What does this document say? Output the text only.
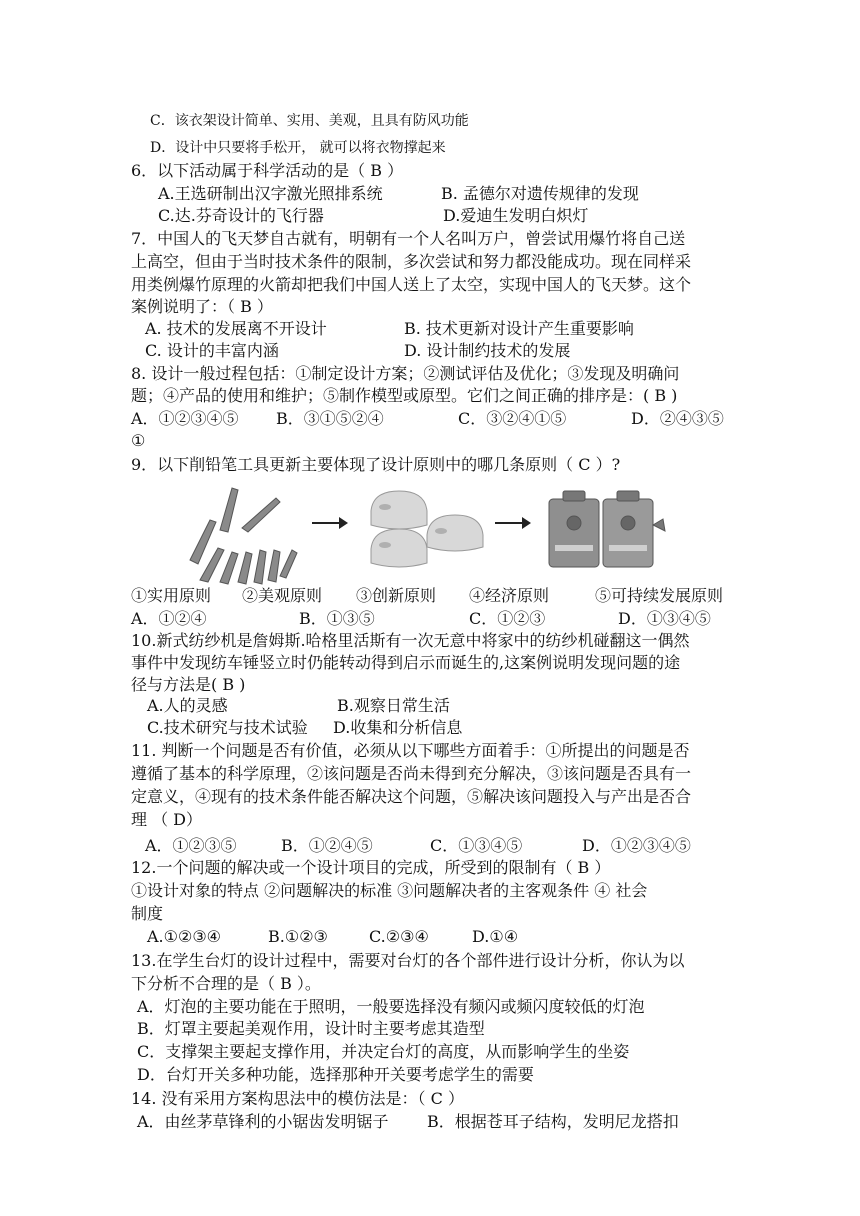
C．该衣架设计简单、实用、美观，且具有防风功能
D．设计中只要将手松开， 就可以将衣物撑起来
6．以下活动属于科学活动的是（ B ）
A.王选研制出汉字激光照排系统	B. 孟德尔对遗传规律的发现
C.达.芬奇设计的飞行器	D.爱迪生发明白炽灯
7．中国人的飞天梦自古就有，明朝有一个人名叫万户，曾尝试用爆竹将自己送
上高空，但由于当时技术条件的限制，多次尝试和努力都没能成功。现在同样采
用类例爆竹原理的火箭却把我们中国人送上了太空，实现中国人的飞天梦。这个
案例说明了：（ B ）
A. 技术的发展离不开设计	B. 技术更新对设计产生重要影响
C. 设计的丰富内涵	D. 设计制约技术的发展
8. 设计一般过程包括：①制定设计方案；②测试评估及优化；③发现及明确问
题；④产品的使用和维护；⑤制作模型或原型。它们之间正确的排序是：( B )
A．①②③④⑤ B．③①⑤②④	C．③②④①⑤	D．②④③⑤
①
9．以下削铅笔工具更新主要体现了设计原则中的哪几条原则（ C ）?
①实用原则 ②美观原则 ③创新原则 ④经济原则	⑤可持续发展原则
A．①②④	B．①③⑤	C．①②③	D．①③④⑤
10.新式纺纱机是詹姆斯.哈格里活斯有一次无意中将家中的纺纱机碰翻这一偶然
事件中发现纺车锤竖立时仍能转动得到启示而诞生的,这案例说明发现问题的途
径与方法是( B )
A.人的灵感	B.观察日常生活
C.技术研究与技术试验 D.收集和分析信息
11. 判断一个问题是否有价值，必须从以下哪些方面着手：①所提出的问题是否
遵循了基本的科学原理，②该问题是否尚未得到充分解决，③该问题是否具有一
定意义，④现有的技术条件能否解决这个问题，⑤解决该问题投入与产出是否合
理 （ D）
A．①②③⑤	B．①②④⑤	C．①③④⑤	D．①②③④⑤
12.一个问题的解决或一个设计项目的完成，所受到的限制有（ B ）
①设计对象的特点 ②问题解决的标准 ③问题解决者的主客观条件 ④ 社会
制度
A.①②③④	B.①②③	C.②③④	D.①④
13.在学生台灯的设计过程中，需要对台灯的各个部件进行设计分析，你认为以
下分析不合理的是（ B ）。
A．灯泡的主要功能在于照明，一般要选择没有频闪或频闪度较低的灯泡
B．灯罩主要起美观作用，设计时主要考虑其造型
C．支撑架主要起支撑作用，并决定台灯的高度，从而影响学生的坐姿
D．台灯开关多种功能，选择那种开关要考虑学生的需要
14. 没有采用方案构思法中的模仿法是：（ C ）
A．由丝茅草锋利的小锯齿发明锯子 B．根据苍耳子结构，发明尼龙搭扣
